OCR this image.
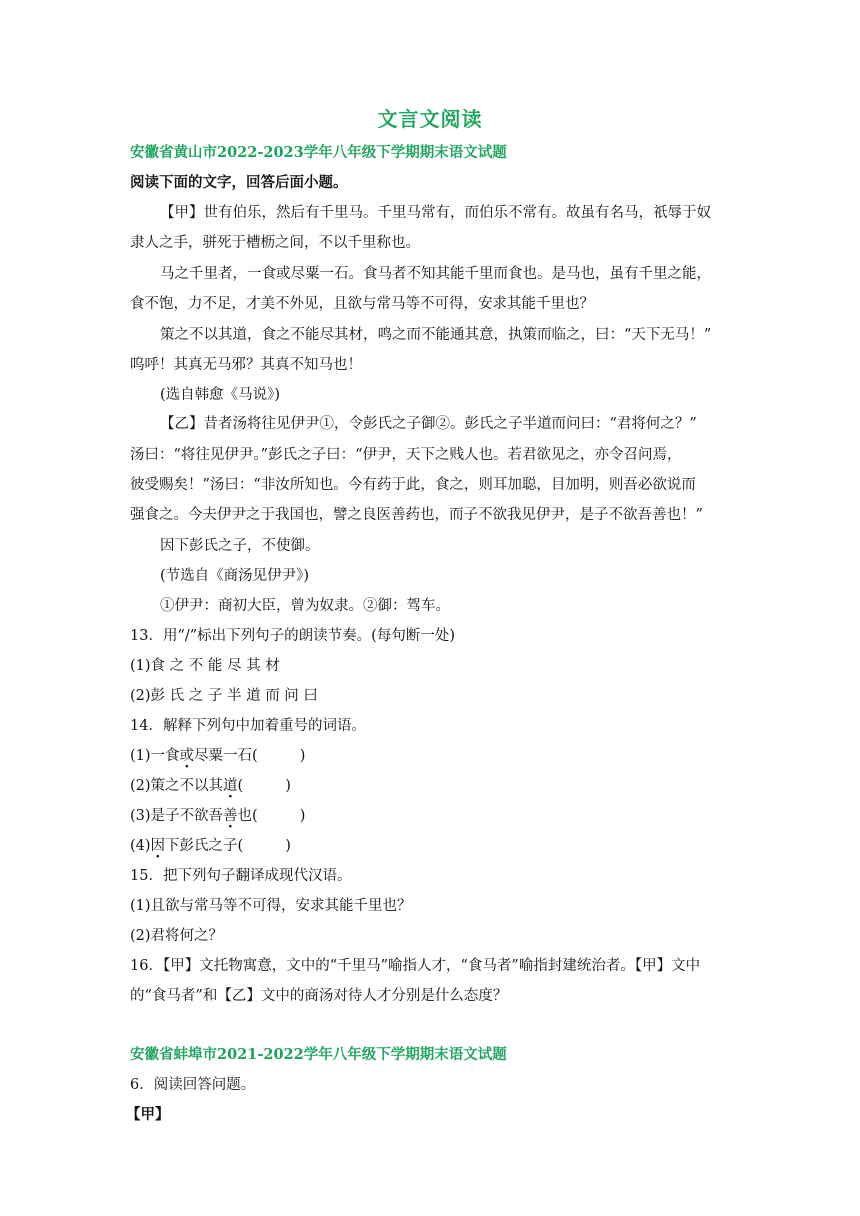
文言文阅读
安徽省黄山市2022-2023学年八年级下学期期末语文试题
阅读下面的文字，回答后面小题。
【甲】世有伯乐，然后有千里马。千里马常有，而伯乐不常有。故虽有名马，祇辱于奴
隶人之手，骈死于槽枥之间，不以千里称也。
马之千里者，一食或尽粟一石。食马者不知其能千里而食也。是马也，虽有千里之能，
食不饱，力不足，才美不外见，且欲与常马等不可得，安求其能千里也？
策之不以其道，食之不能尽其材，鸣之而不能通其意，执策而临之，曰：“天下无马！”
呜呼！其真无马邪？其真不知马也！
(选自韩愈《马说》)
【乙】昔者汤将往见伊尹①，令彭氏之子御②。彭氏之子半道而问曰：“君将何之？”
汤曰：“将往见伊尹。”彭氏之子曰：“伊尹，天下之贱人也。若君欲见之，亦令召问焉，
彼受赐矣！”汤曰：“非汝所知也。今有药于此，食之，则耳加聪，目加明，则吾必欲说而
强食之。今夫伊尹之于我国也，譬之良医善药也，而子不欲我见伊尹，是子不欲吾善也！”
因下彭氏之子，不使御。
(节选自《商汤见伊尹》)
①伊尹：商初大臣，曾为奴隶。②御：驾车。
13．用“/”标出下列句子的朗读节奏。(每句断一处)
(1)食 之 不 能 尽 其 材
(2)彭 氏 之 子 半 道 而 问 曰
14．解释下列句中加着重号的词语。
(1)一食或尽粟一石(	)
(2)策之不以其道(	)
(3)是子不欲吾善也(	)
(4)因下彭氏之子(	)
15．把下列句子翻译成现代汉语。
(1)且欲与常马等不可得，安求其能千里也？
(2)君将何之？
16．【甲】文托物寓意，文中的“千里马”喻指人才，“食马者”喻指封建统治者。【甲】文中
的“食马者”和【乙】文中的商汤对待人才分别是什么态度？
安徽省蚌埠市2021-2022学年八年级下学期期末语文试题
6．阅读回答问题。
【甲】
